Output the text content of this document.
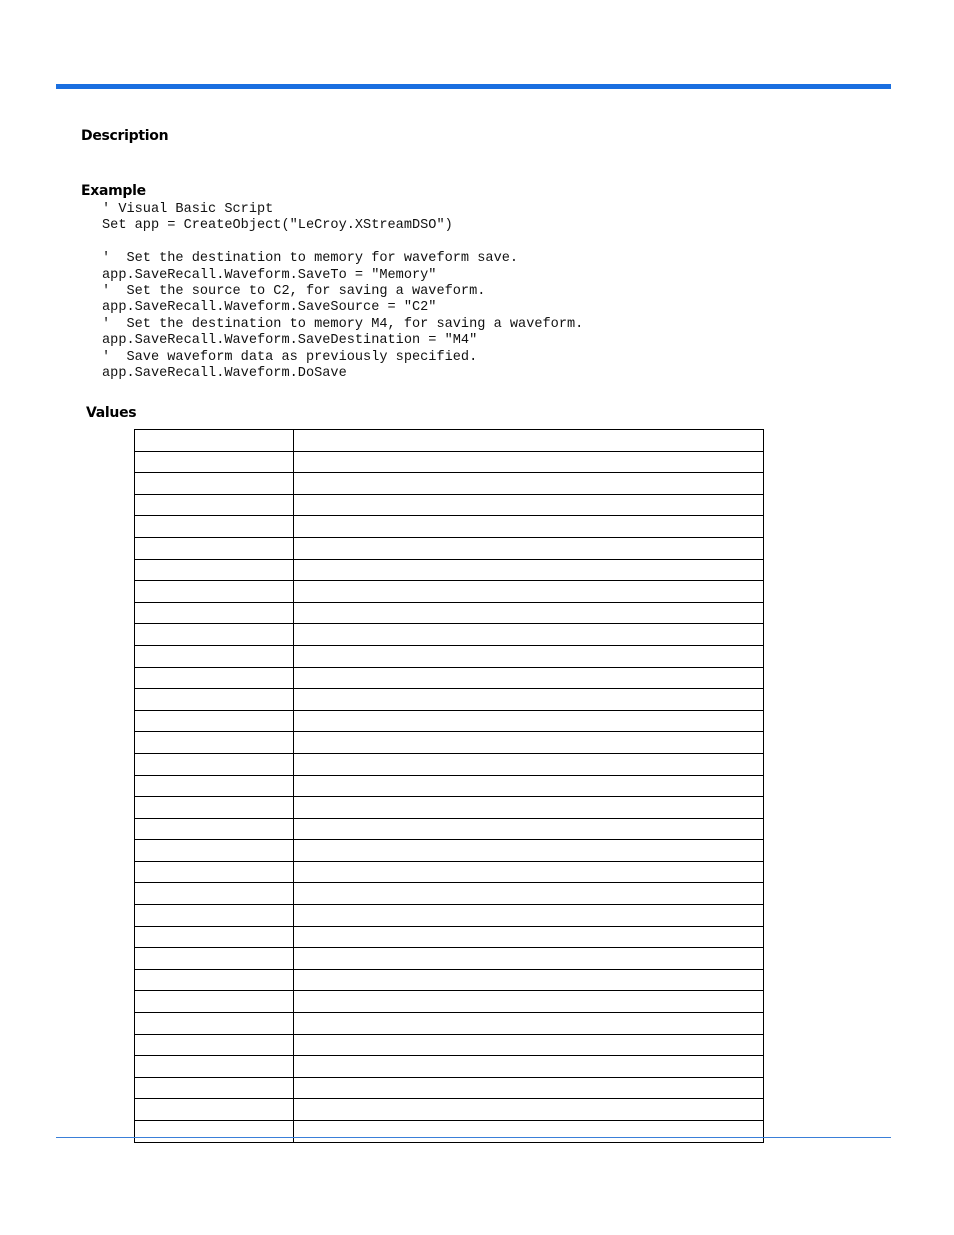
Description
Example
' Visual Basic Script
Set app = CreateObject("LeCroy.XStreamDSO")
'  Set the destination to memory for waveform save.
app.SaveRecall.Waveform.SaveTo = "Memory"
'  Set the source to C2, for saving a waveform.
app.SaveRecall.Waveform.SaveSource = "C2"
'  Set the destination to memory M4, for saving a waveform.
app.SaveRecall.Waveform.SaveDestination = "M4"
'  Save waveform data as previously specified.
app.SaveRecall.Waveform.DoSave
Values
